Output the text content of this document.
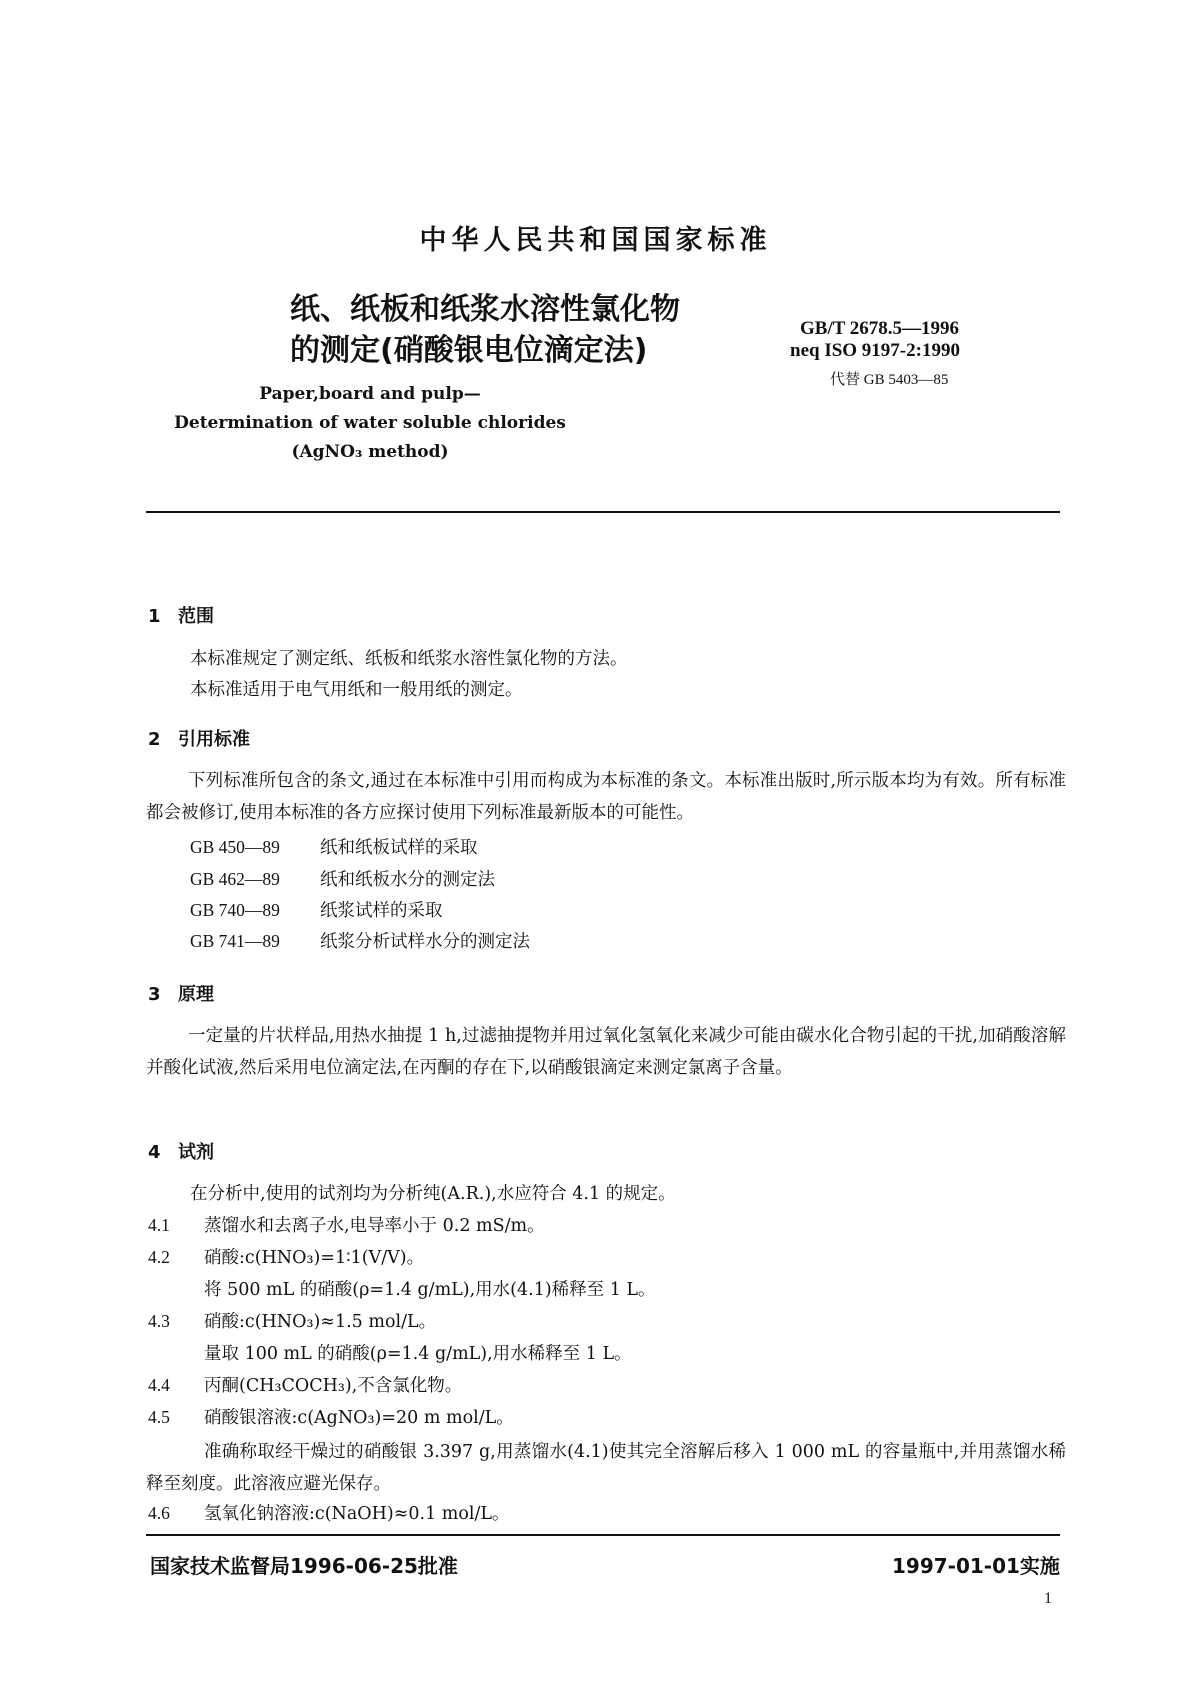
中华人民共和国国家标准
纸、纸板和纸浆水溶性氯化物
的测定(硝酸银电位滴定法)
GB/T 2678.5—1996
neq ISO 9197-2:1990
代替 GB 5403—85
Paper,board and pulp—
Determination of water soluble chlorides
(AgNO₃ method)
1 范围
本标准规定了测定纸、纸板和纸浆水溶性氯化物的方法。
本标准适用于电气用纸和一般用纸的测定。
2 引用标准
下列标准所包含的条文,通过在本标准中引用而构成为本标准的条文。本标准出版时,所示版本均为有效。所有标准都会被修订,使用本标准的各方应探讨使用下列标准最新版本的可能性。
GB 450—89 纸和纸板试样的采取
GB 462—89 纸和纸板水分的测定法
GB 740—89 纸浆试样的采取
GB 741—89 纸浆分析试样水分的测定法
3 原理
一定量的片状样品,用热水抽提 1 h,过滤抽提物并用过氧化氢氧化来减少可能由碳水化合物引起的干扰,加硝酸溶解并酸化试液,然后采用电位滴定法,在丙酮的存在下,以硝酸银滴定来测定氯离子含量。
4 试剂
在分析中,使用的试剂均为分析纯(A.R.),水应符合 4.1 的规定。
4.1 蒸馏水和去离子水,电导率小于 0.2 mS/m。
4.2 硝酸:c(HNO₃)=1∶1(V/V)。
将 500 mL 的硝酸(ρ=1.4 g/mL),用水(4.1)稀释至 1 L。
4.3 硝酸:c(HNO₃)≈1.5 mol/L。
量取 100 mL 的硝酸(ρ=1.4 g/mL),用水稀释至 1 L。
4.4 丙酮(CH₃COCH₃),不含氯化物。
4.5 硝酸银溶液:c(AgNO₃)=20 m mol/L。
准确称取经干燥过的硝酸银 3.397 g,用蒸馏水(4.1)使其完全溶解后移入 1 000 mL 的容量瓶中,并用蒸馏水稀释至刻度。此溶液应避光保存。
4.6 氢氧化钠溶液:c(NaOH)≈0.1 mol/L。
国家技术监督局1996-06-25批准	1997-01-01实施
1
